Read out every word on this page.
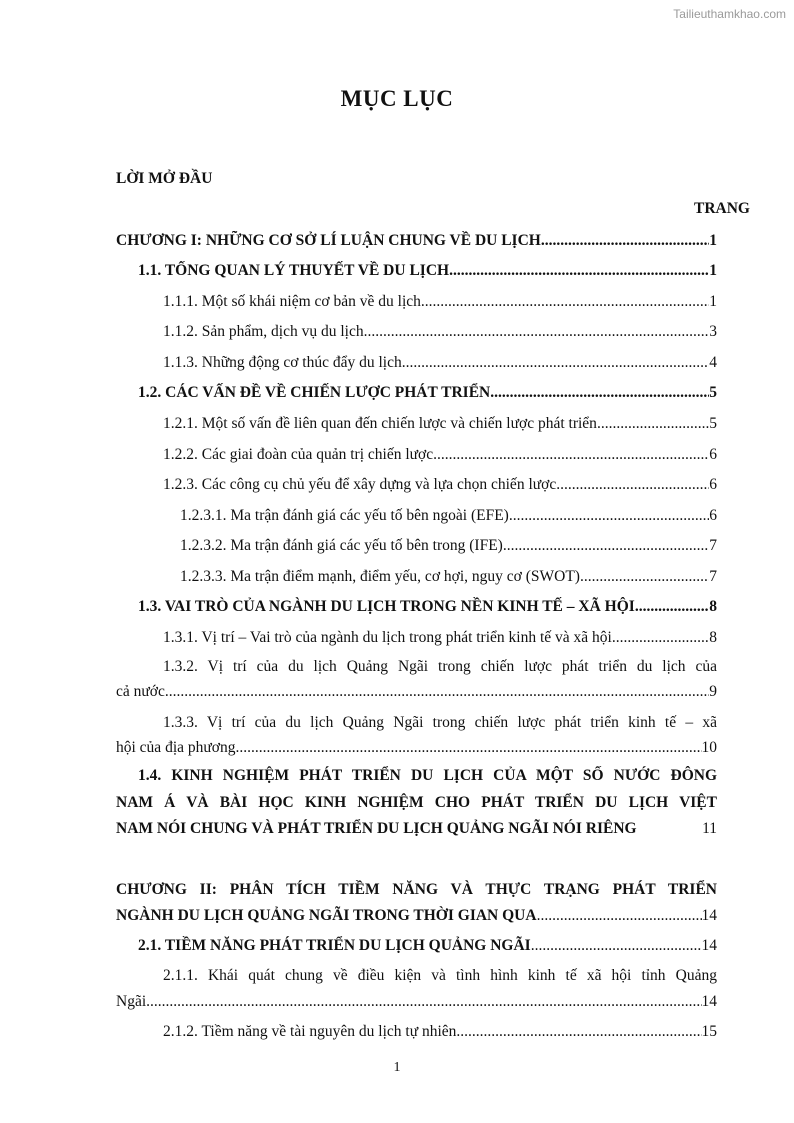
Tailieuthamkhao.com
MỤC LỤC
LỜI MỞ ĐẦU
TRANG
CHƯƠNG I: NHỮNG CƠ SỞ LÍ LUẬN CHUNG VỀ DU LỊCH .....	1
1.1. TỔNG QUAN LÝ THUYẾT VỀ DU LỊCH .....	1
1.1.1. Một số khái niệm cơ bản về du lịch .....	1
1.1.2. Sản phẩm, dịch vụ du lịch .....	3
1.1.3. Những động cơ thúc đẩy du lịch .....	4
1.2. CÁC VẤN ĐỀ VỀ CHIẾN LƯỢC PHÁT TRIỂN .....	5
1.2.1. Một số vấn đề liên quan đến chiến lược và chiến lược phát triển .....	5
1.2.2. Các giai đoàn của quản trị chiến lược .....	6
1.2.3. Các công cụ chủ yếu để xây dựng và lựa chọn chiến lược .....	6
1.2.3.1. Ma trận đánh giá các yếu tố bên ngoài (EFE) .....	6
1.2.3.2. Ma trận đánh giá các yếu tố bên trong (IFE) .....	7
1.2.3.3. Ma trận điểm mạnh, điểm yếu, cơ hợi, nguy cơ (SWOT) .....	7
1.3. VAI TRÒ CỦA NGÀNH DU LỊCH TRONG NỀN KINH TẾ – XÃ HỘI .....	8
1.3.1. Vị trí – Vai trò của ngành du lịch trong phát triển kinh tế và xã hội .....	8
1.3.2. Vị trí của du lịch Quảng Ngãi trong chiến lược phát triển du lịch của
cả nước .....	9
1.3.3. Vị trí của du lịch Quảng Ngãi trong chiến lược phát triển kinh tế – xã
hội của địa phương .....	10
1.4. KINH NGHIỆM PHÁT TRIỂN DU LỊCH CỦA MỘT SỐ NƯỚC ĐÔNG
NAM Á VÀ BÀI HỌC KINH NGHIỆM CHO PHÁT TRIỂN DU LỊCH VIỆT
NAM NÓI CHUNG VÀ PHÁT TRIỂN DU LỊCH QUẢNG NGÃI NÓI RIÊNG	11
CHƯƠNG II: PHÂN TÍCH TIỀM NĂNG VÀ THỰC TRẠNG PHÁT TRIỂN
NGÀNH DU LỊCH QUẢNG NGÃI TRONG THỜI GIAN QUA .....	14
2.1. TIỀM NĂNG PHÁT TRIỂN DU LỊCH QUẢNG NGÃI .....	14
2.1.1. Khái quát chung về điều kiện và tình hình kinh tế xã hội tỉnh Quảng
Ngãi .....	14
2.1.2. Tiềm năng về tài nguyên du lịch tự nhiên .....	15
1
